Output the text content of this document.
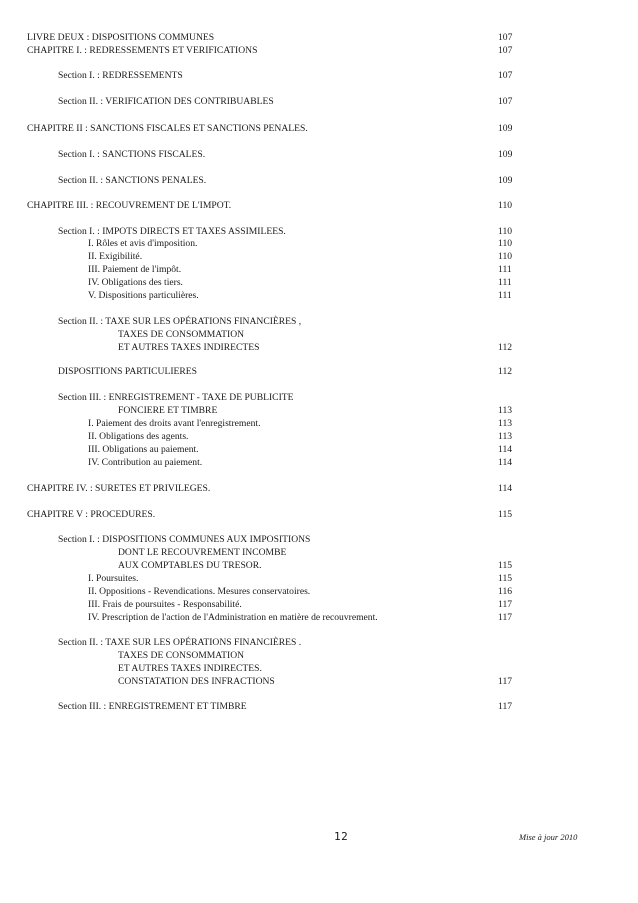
LIVRE DEUX : DISPOSITIONS COMMUNES	107
CHAPITRE I. : REDRESSEMENTS ET VERIFICATIONS	107
Section I. : REDRESSEMENTS	107
Section II. : VERIFICATION DES CONTRIBUABLES	107
CHAPITRE II : SANCTIONS FISCALES ET SANCTIONS PENALES.	109
Section I. : SANCTIONS FISCALES.	109
Section II. : SANCTIONS PENALES.	109
CHAPITRE III. : RECOUVREMENT DE L'IMPOT.	110
Section I. : IMPOTS DIRECTS ET TAXES ASSIMILEES.	110
I. Rôles et avis d'imposition.	110
II. Exigibilité.	110
III. Paiement de l'impôt.	111
IV. Obligations des tiers.	111
V. Dispositions particulières.	111
Section II. : TAXE SUR LES OPÉRATIONS FINANCIÈRES ,
TAXES DE CONSOMMATION
ET AUTRES TAXES INDIRECTES	112
DISPOSITIONS PARTICULIERES	112
Section III. : ENREGISTREMENT - TAXE DE PUBLICITE
FONCIERE ET TIMBRE	113
I. Paiement des droits avant l'enregistrement.	113
II. Obligations des agents.	113
III. Obligations au paiement.	114
IV. Contribution au paiement.	114
CHAPITRE IV. : SURETES ET PRIVILEGES.	114
CHAPITRE V : PROCEDURES.	115
Section I. : DISPOSITIONS COMMUNES AUX IMPOSITIONS
DONT LE RECOUVREMENT INCOMBE
AUX COMPTABLES DU TRESOR.	115
I. Poursuites.	115
II. Oppositions - Revendications. Mesures conservatoires.	116
III. Frais de poursuites - Responsabilité.	117
IV. Prescription de l'action de l'Administration en matière de recouvrement.	117
Section II. : TAXE SUR LES OPÉRATIONS FINANCIÈRES .
TAXES DE CONSOMMATION
ET AUTRES TAXES INDIRECTES.
CONSTATATION DES INFRACTIONS	117
Section III. : ENREGISTREMENT ET TIMBRE	117
12	Mise à jour 2010
